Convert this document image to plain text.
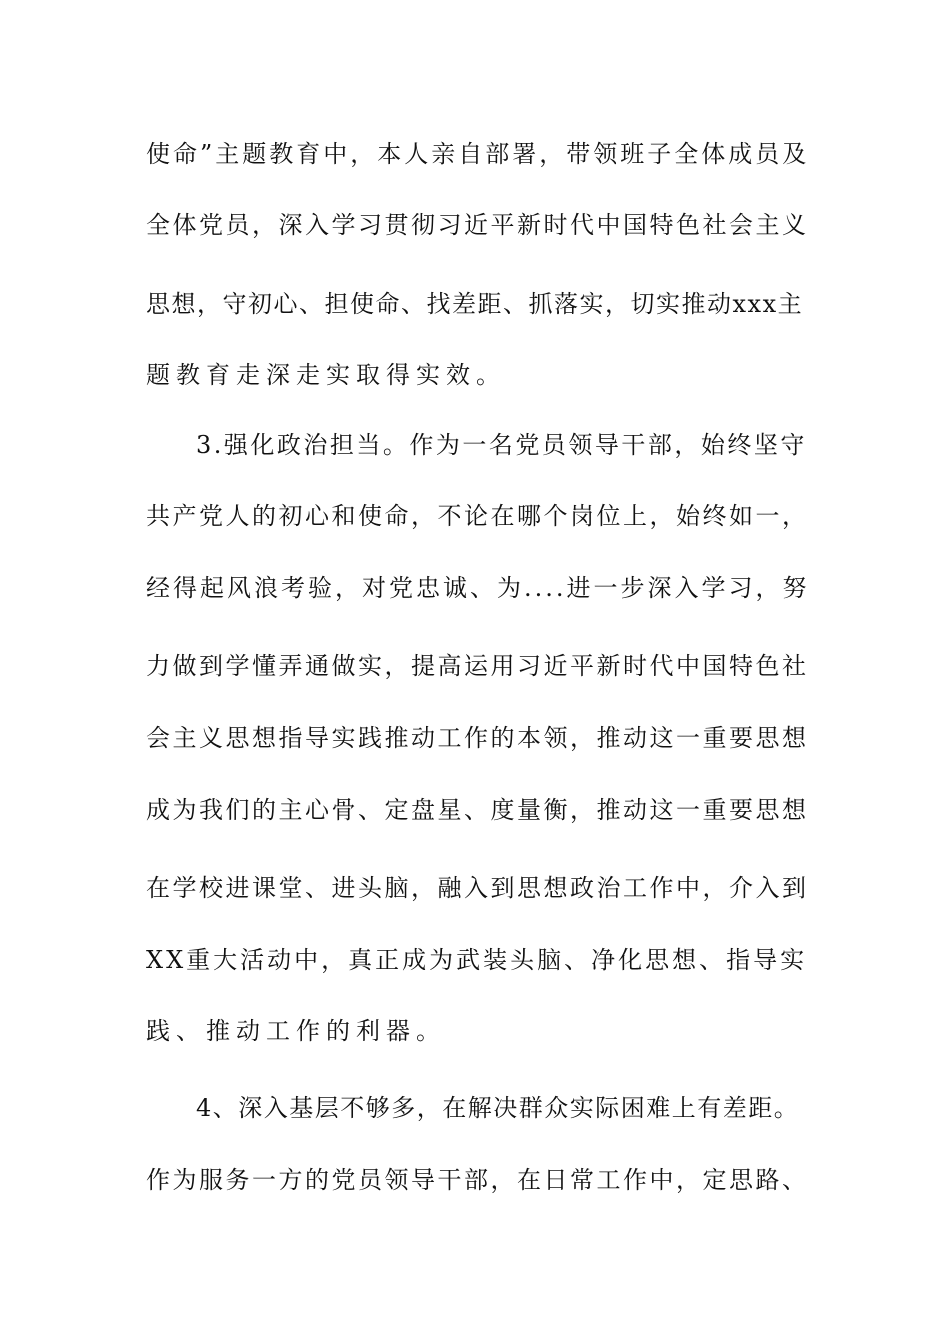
使命”主题教育中，本人亲自部署，带领班子全体成员及
全体党员，深入学习贯彻习近平新时代中国特色社会主义
思想，守初心、担使命、找差距、抓落实，切实推动xxx主
题教育走深走实取得实效。
3.强化政治担当。作为一名党员领导干部，始终坚守
共产党人的初心和使命，不论在哪个岗位上，始终如一，
经得起风浪考验，对党忠诚、为....进一步深入学习，努
力做到学懂弄通做实，提高运用习近平新时代中国特色社
会主义思想指导实践推动工作的本领，推动这一重要思想
成为我们的主心骨、定盘星、度量衡，推动这一重要思想
在学校进课堂、进头脑，融入到思想政治工作中，介入到
XX重大活动中，真正成为武装头脑、净化思想、指导实
践、推动工作的利器。
4、深入基层不够多，在解决群众实际困难上有差距。
作为服务一方的党员领导干部，在日常工作中，定思路、
